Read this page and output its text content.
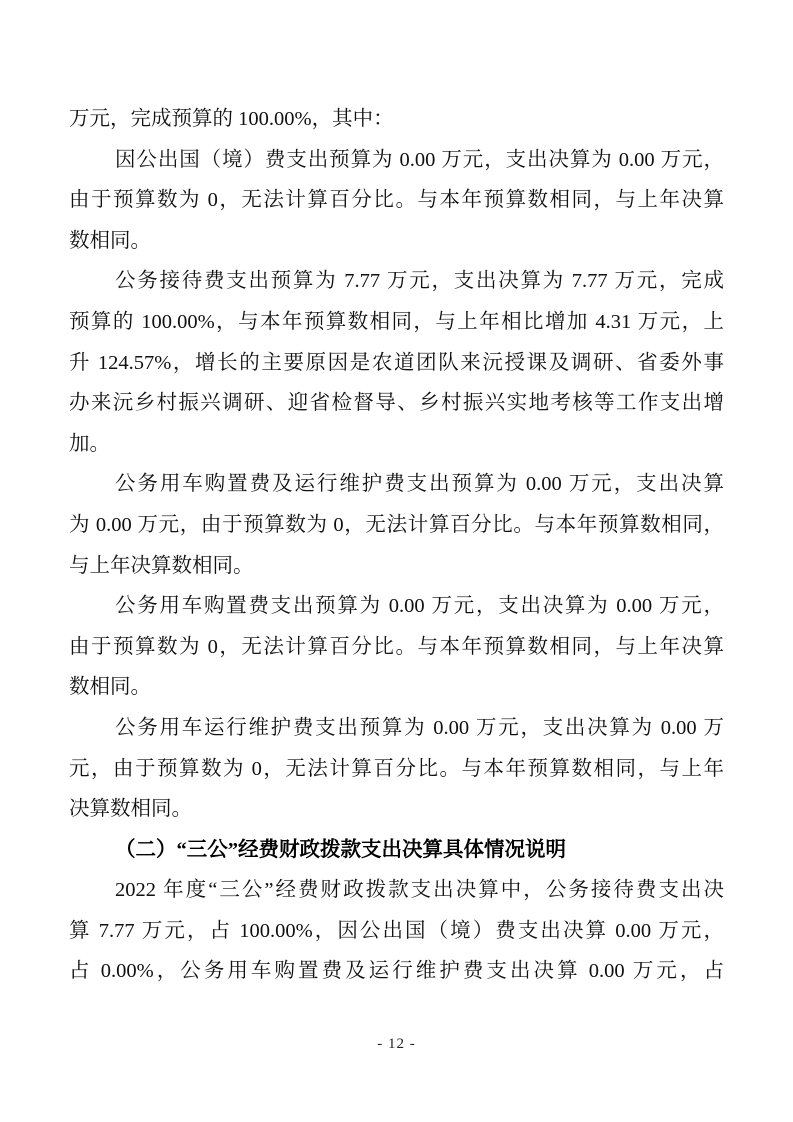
万元，完成预算的 100.00%，其中：
因公出国（境）费支出预算为 0.00 万元，支出决算为 0.00 万元，
由于预算数为 0，无法计算百分比。与本年预算数相同，与上年决算
数相同。
公务接待费支出预算为 7.77 万元，支出决算为 7.77 万元，完成
预算的 100.00%，与本年预算数相同，与上年相比增加 4.31 万元，上
升 124.57%，增长的主要原因是农道团队来沅授课及调研、省委外事
办来沅乡村振兴调研、迎省检督导、乡村振兴实地考核等工作支出增
加。
公务用车购置费及运行维护费支出预算为 0.00 万元，支出决算
为 0.00 万元，由于预算数为 0，无法计算百分比。与本年预算数相同，
与上年决算数相同。
公务用车购置费支出预算为 0.00 万元，支出决算为 0.00 万元，
由于预算数为 0，无法计算百分比。与本年预算数相同，与上年决算
数相同。
公务用车运行维护费支出预算为 0.00 万元，支出决算为 0.00 万
元，由于预算数为 0，无法计算百分比。与本年预算数相同，与上年
决算数相同。
（二）“三公”经费财政拨款支出决算具体情况说明
2022 年度“三公”经费财政拨款支出决算中，公务接待费支出决
算 7.77 万元，占 100.00%，因公出国（境）费支出决算 0.00 万元，
占 0.00%，公务用车购置费及运行维护费支出决算 0.00 万元，占
- 12 -
